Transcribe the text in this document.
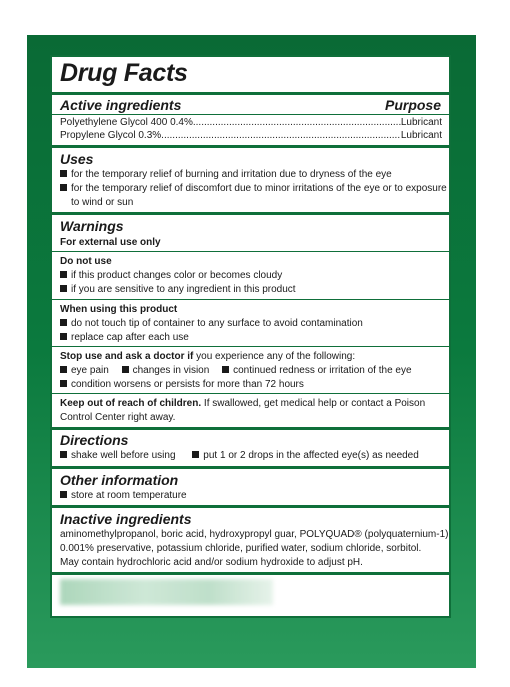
Drug Facts
Active ingredients	Purpose
Polyethylene Glycol 400 0.4% .....	Lubricant
Propylene Glycol 0.3% .....	Lubricant
Uses
for the temporary relief of burning and irritation due to dryness of the eye
for the temporary relief of discomfort due to minor irritations of the eye or to exposure
to wind or sun
Warnings
For external use only
Do not use
if this product changes color or becomes cloudy
if you are sensitive to any ingredient in this product
When using this product
do not touch tip of container to any surface to avoid contamination
replace cap after each use
Stop use and ask a doctor if you experience any of the following:
eye pain changes in vision continued redness or irritation of the eye
condition worsens or persists for more than 72 hours
Keep out of reach of children. If swallowed, get medical help or contact a Poison
Control Center right away.
Directions
shake well before using	put 1 or 2 drops in the affected eye(s) as needed
Other information
store at room temperature
Inactive ingredients
aminomethylpropanol, boric acid, hydroxypropyl guar, POLYQUAD® (polyquaternium-1)
0.001% preservative, potassium chloride, purified water, sodium chloride, sorbitol.
May contain hydrochloric acid and/or sodium hydroxide to adjust pH.
